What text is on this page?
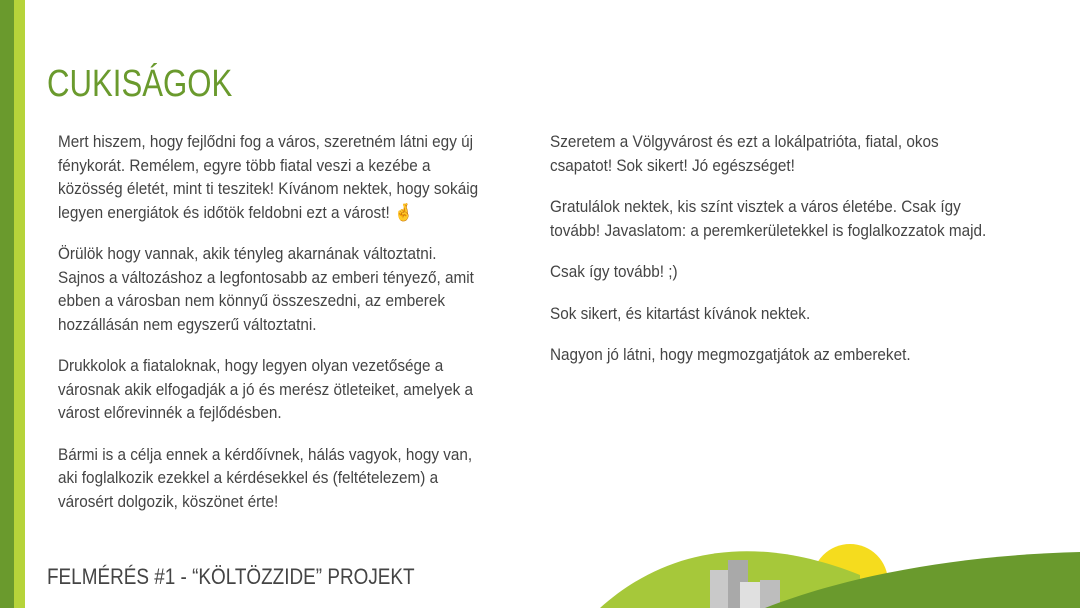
CUKISÁGOK

Mert hiszem, hogy fejlődni fog a város, szeretném látni egy új fénykorát. Remélem, egyre több fiatal veszi a kezébe a közösség életét, mint ti teszitek! Kívánom nektek, hogy sokáig legyen energiátok és időtök feldobni ezt a várost! 🤞

Örülök hogy vannak, akik tényleg akarnának változtatni. Sajnos a változáshoz a legfontosabb az emberi tényező, amit ebben a városban nem könnyű összeszedni, az emberek hozzállásán nem egyszerű változtatni.

Drukkolok a fiataloknak, hogy legyen olyan vezetősége a városnak akik elfogadják a jó és merész ötleteiket, amelyek a várost előrevinnék a fejlődésben.

Bármi is a célja ennek a kérdőívnek, hálás vagyok, hogy van, aki foglalkozik ezekkel a kérdésekkel és (feltételezem) a városért dolgozik, köszönet érte!

Szeretem a Völgyvárost és ezt a lokálpatrióta, fiatal, okos csapatot! Sok sikert! Jó egészséget!

Gratulálok nektek, kis színt visztek a város életébe. Csak így tovább! Javaslatom: a peremkerületekkel is foglalkozzatok majd.

Csak így tovább! ;)

Sok sikert, és kitartást kívánok nektek.

Nagyon jó látni, hogy megmozgatjátok az embereket.

FELMÉRÉS #1 - “KÖLTÖZZIDE” PROJEKT
